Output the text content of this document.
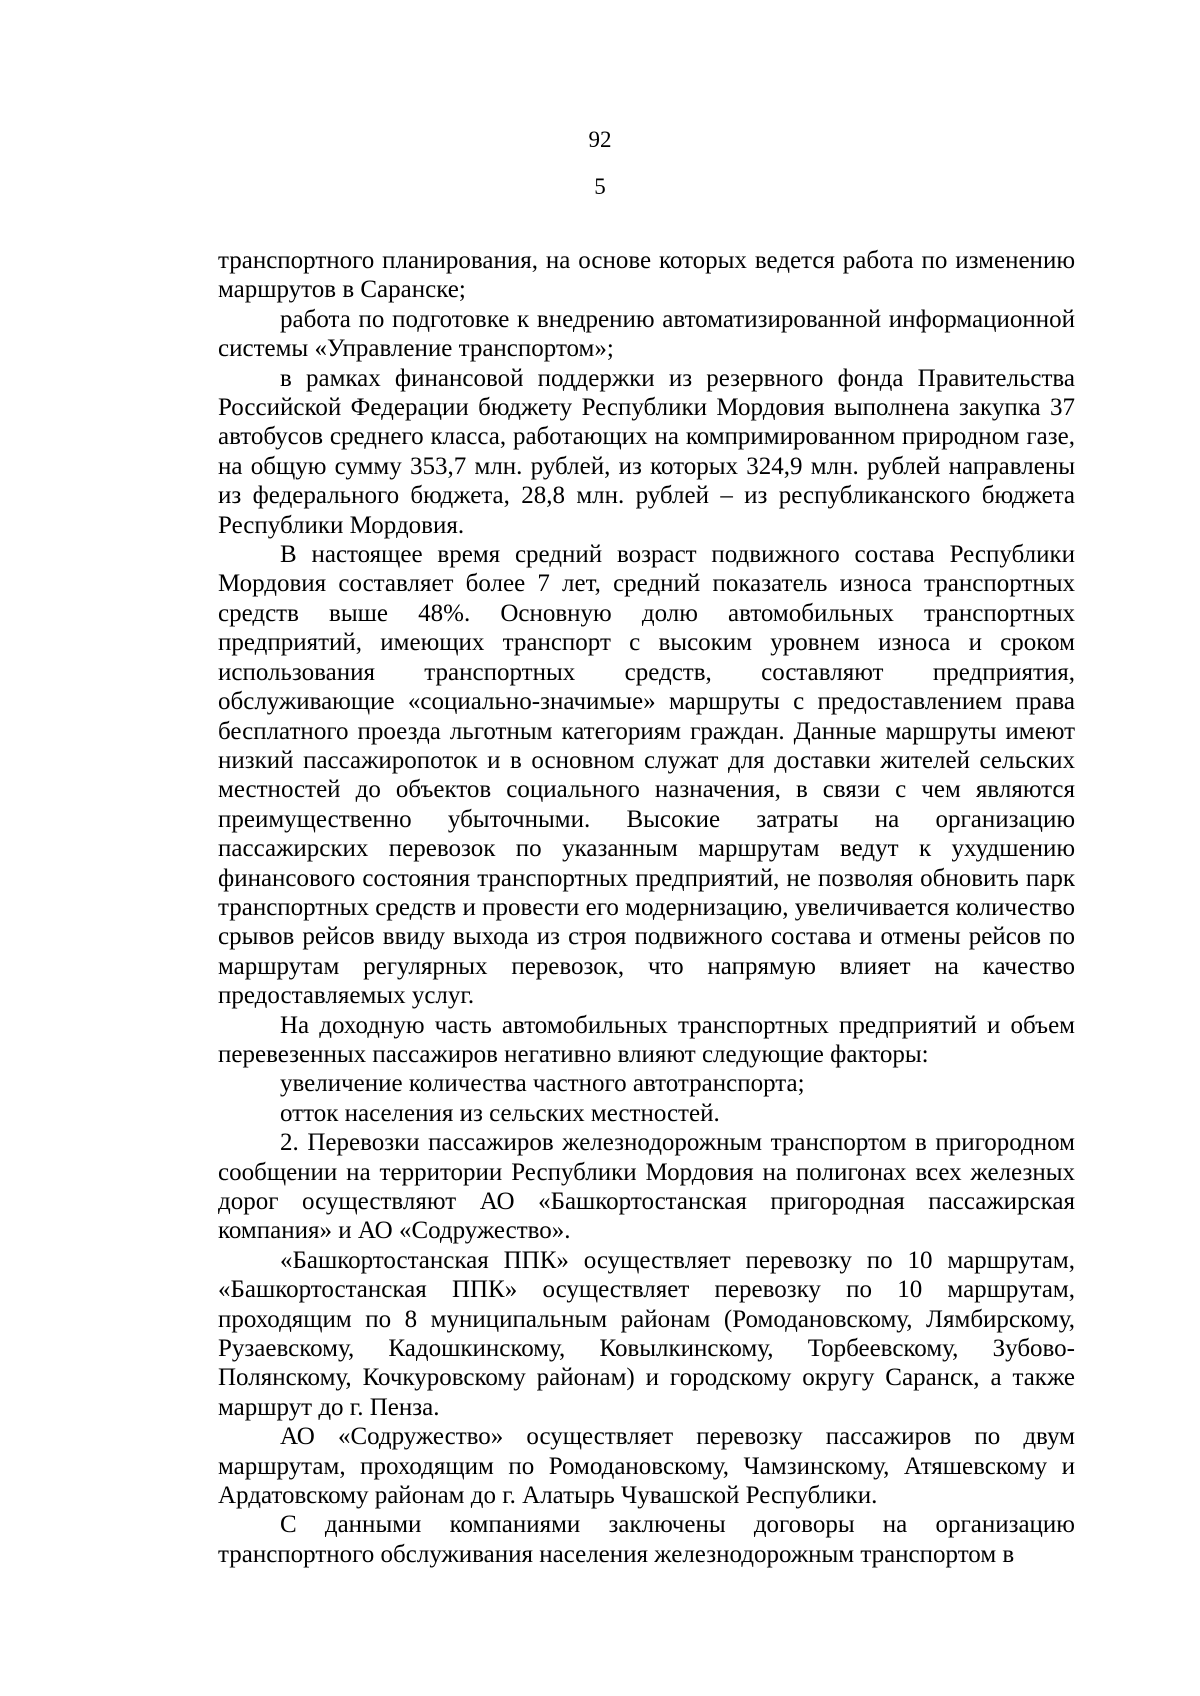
92
5

транспортного планирования, на основе которых ведется работа по изменению маршрутов в Саранске;

работа по подготовке к внедрению автоматизированной информационной системы «Управление транспортом»;

в рамках финансовой поддержки из резервного фонда Правительства Российской Федерации бюджету Республики Мордовия выполнена закупка 37 автобусов среднего класса, работающих на компримированном природном газе, на общую сумму 353,7 млн. рублей, из которых 324,9 млн. рублей направлены из федерального бюджета, 28,8 млн. рублей – из республиканского бюджета Республики Мордовия.

В настоящее время средний возраст подвижного состава Республики Мордовия составляет более 7 лет, средний показатель износа транспортных средств выше 48%. Основную долю автомобильных транспортных предприятий, имеющих транспорт с высоким уровнем износа и сроком использования транспортных средств, составляют предприятия, обслуживающие «социально-значимые» маршруты с предоставлением права бесплатного проезда льготным категориям граждан. Данные маршруты имеют низкий пассажиропоток и в основном служат для доставки жителей сельских местностей до объектов социального назначения, в связи с чем являются преимущественно убыточными. Высокие затраты на организацию пассажирских перевозок по указанным маршрутам ведут к ухудшению финансового состояния транспортных предприятий, не позволяя обновить парк транспортных средств и провести его модернизацию, увеличивается количество срывов рейсов ввиду выхода из строя подвижного состава и отмены рейсов по маршрутам регулярных перевозок, что напрямую влияет на качество предоставляемых услуг.

На доходную часть автомобильных транспортных предприятий и объем перевезенных пассажиров негативно влияют следующие факторы:

увеличение количества частного автотранспорта;

отток населения из сельских местностей.

2. Перевозки пассажиров железнодорожным транспортом в пригородном сообщении на территории Республики Мордовия на полигонах всех железных дорог осуществляют АО «Башкортостанская пригородная пассажирская компания» и АО «Содружество».

«Башкортостанская ППК» осуществляет перевозку по 10 маршрутам, «Башкортостанская ППК» осуществляет перевозку по 10 маршрутам, проходящим по 8 муниципальным районам (Ромодановскому, Лямбирскому, Рузаевскому, Кадошкинскому, Ковылкинскому, Торбеевскому, Зубово-Полянскому, Кочкуровскому районам) и городскому округу Саранск, а также маршрут до г. Пенза.

АО «Содружество» осуществляет перевозку пассажиров по двум маршрутам, проходящим по Ромодановскому, Чамзинскому, Атяшевскому и Ардатовскому районам до г. Алатырь Чувашской Республики.

С данными компаниями заключены договоры на организацию транспортного обслуживания населения железнодорожным транспортом в
